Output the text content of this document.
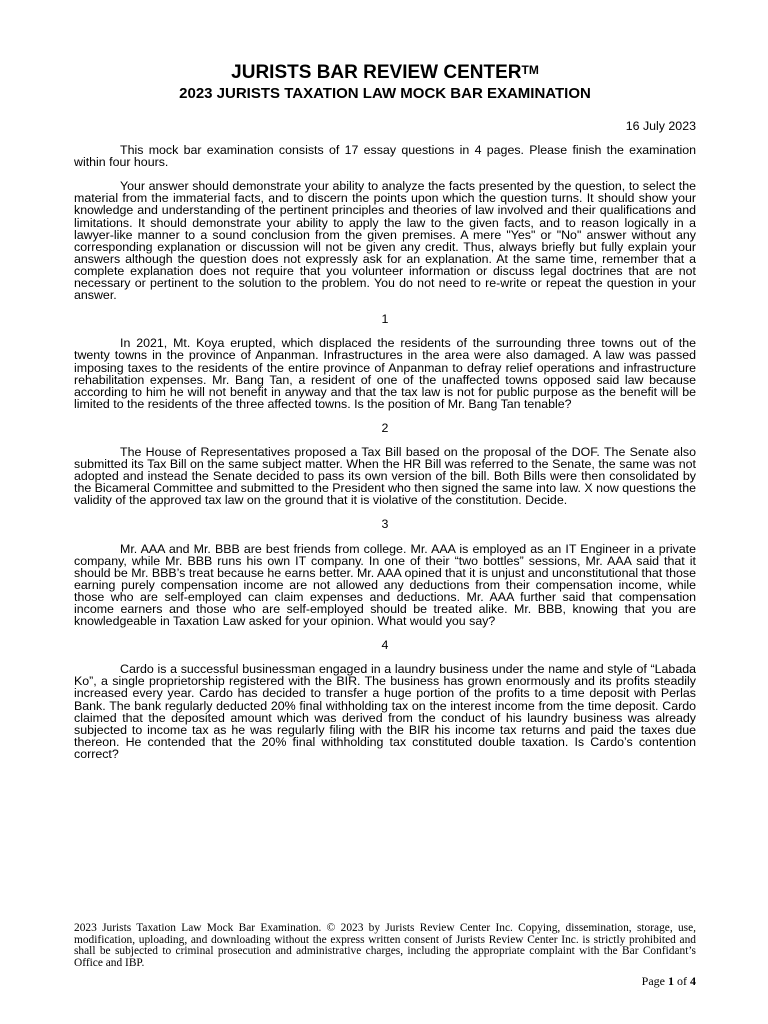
JURISTS BAR REVIEW CENTER™
2023 JURISTS TAXATION LAW MOCK BAR EXAMINATION
16 July 2023

This mock bar examination consists of 17 essay questions in 4 pages. Please finish the examination within four hours.

Your answer should demonstrate your ability to analyze the facts presented by the question, to select the material from the immaterial facts, and to discern the points upon which the question turns. It should show your knowledge and understanding of the pertinent principles and theories of law involved and their qualifications and limitations. It should demonstrate your ability to apply the law to the given facts, and to reason logically in a lawyer-like manner to a sound conclusion from the given premises. A mere "Yes" or "No" answer without any corresponding explanation or discussion will not be given any credit. Thus, always briefly but fully explain your answers although the question does not expressly ask for an explanation. At the same time, remember that a complete explanation does not require that you volunteer information or discuss legal doctrines that are not necessary or pertinent to the solution to the problem. You do not need to re-write or repeat the question in your answer.

1

In 2021, Mt. Koya erupted, which displaced the residents of the surrounding three towns out of the twenty towns in the province of Anpanman. Infrastructures in the area were also damaged. A law was passed imposing taxes to the residents of the entire province of Anpanman to defray relief operations and infrastructure rehabilitation expenses. Mr. Bang Tan, a resident of one of the unaffected towns opposed said law because according to him he will not benefit in anyway and that the tax law is not for public purpose as the benefit will be limited to the residents of the three affected towns. Is the position of Mr. Bang Tan tenable?

2

The House of Representatives proposed a Tax Bill based on the proposal of the DOF. The Senate also submitted its Tax Bill on the same subject matter. When the HR Bill was referred to the Senate, the same was not adopted and instead the Senate decided to pass its own version of the bill. Both Bills were then consolidated by the Bicameral Committee and submitted to the President who then signed the same into law. X now questions the validity of the approved tax law on the ground that it is violative of the constitution. Decide.

3

Mr. AAA and Mr. BBB are best friends from college. Mr. AAA is employed as an IT Engineer in a private company, while Mr. BBB runs his own IT company. In one of their “two bottles” sessions, Mr. AAA said that it should be Mr. BBB’s treat because he earns better. Mr. AAA opined that it is unjust and unconstitutional that those earning purely compensation income are not allowed any deductions from their compensation income, while those who are self-employed can claim expenses and deductions. Mr. AAA further said that compensation income earners and those who are self-employed should be treated alike. Mr. BBB, knowing that you are knowledgeable in Taxation Law asked for your opinion. What would you say?

4

Cardo is a successful businessman engaged in a laundry business under the name and style of “Labada Ko”, a single proprietorship registered with the BIR. The business has grown enormously and its profits steadily increased every year. Cardo has decided to transfer a huge portion of the profits to a time deposit with Perlas Bank. The bank regularly deducted 20% final withholding tax on the interest income from the time deposit. Cardo claimed that the deposited amount which was derived from the conduct of his laundry business was already subjected to income tax as he was regularly filing with the BIR his income tax returns and paid the taxes due thereon. He contended that the 20% final withholding tax constituted double taxation. Is Cardo’s contention correct?

2023 Jurists Taxation Law Mock Bar Examination. © 2023 by Jurists Review Center Inc. Copying, dissemination, storage, use, modification, uploading, and downloading without the express written consent of Jurists Review Center Inc. is strictly prohibited and shall be subjected to criminal prosecution and administrative charges, including the appropriate complaint with the Bar Confidant’s Office and IBP.
Page 1 of 4
